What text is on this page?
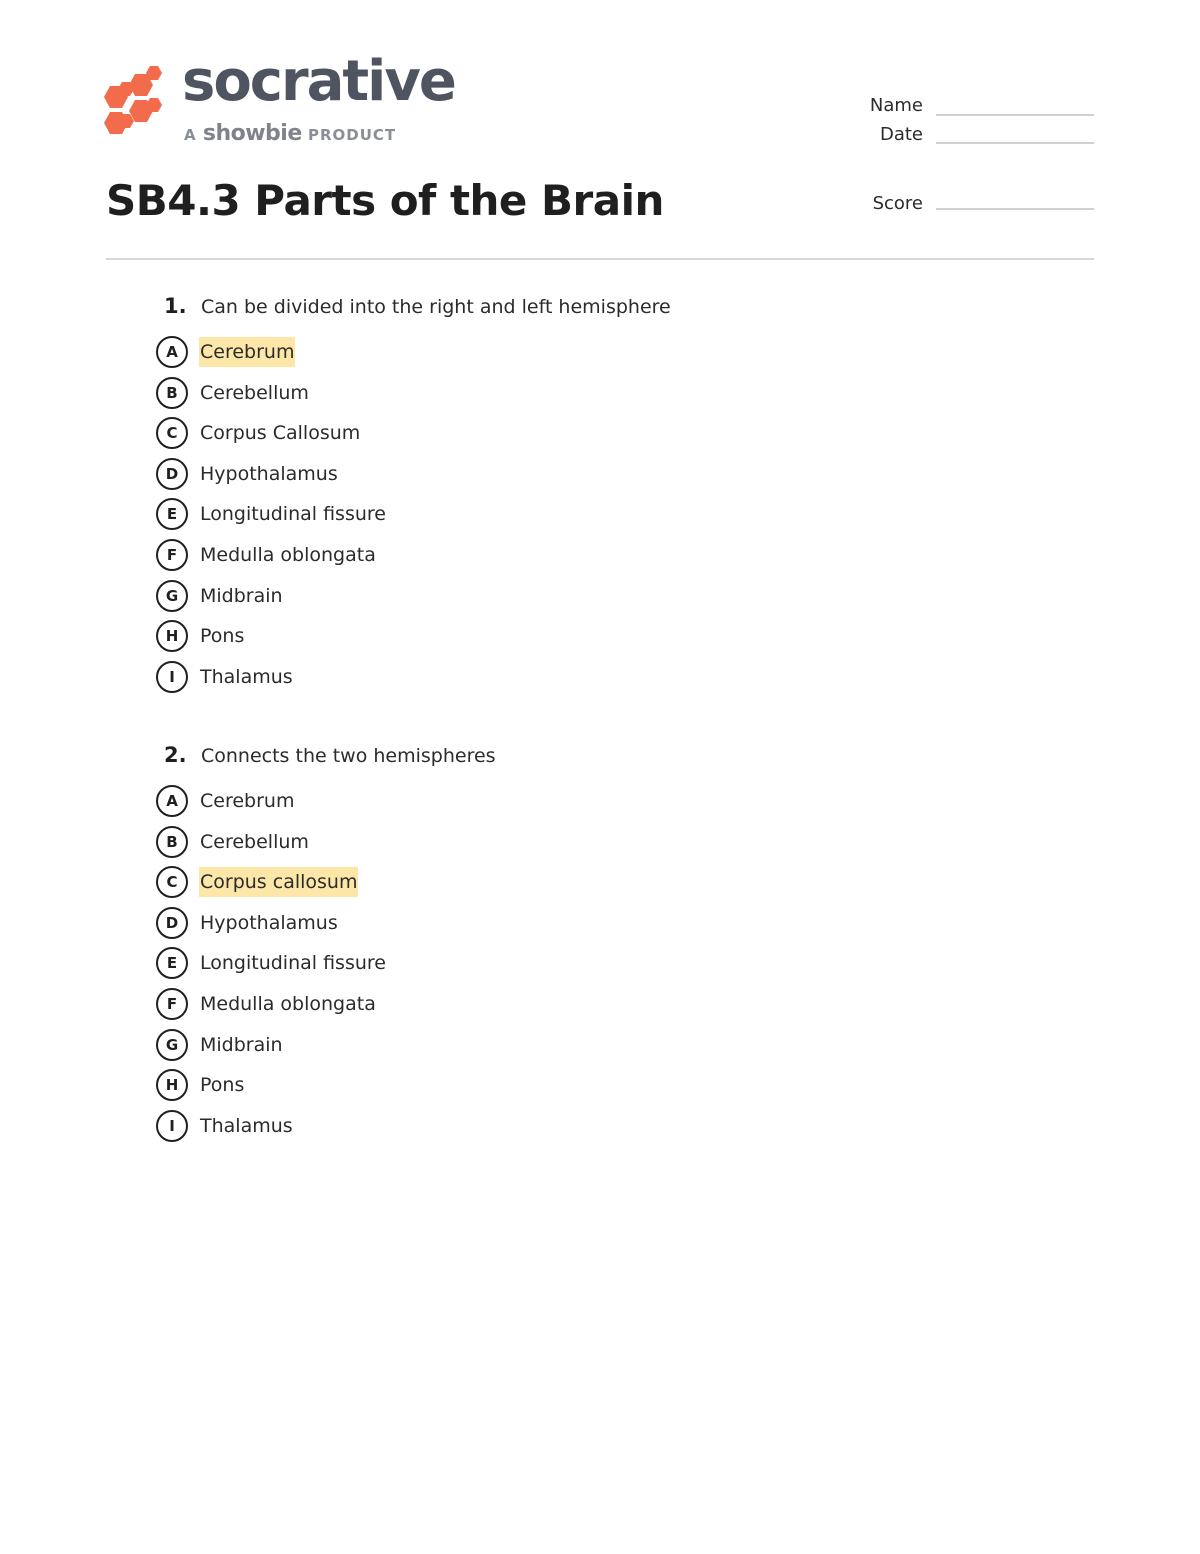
socrative
A showbie PRODUCT
Name
Date
Score
SB4.3 Parts of the Brain
1. Can be divided into the right and left hemisphere
A	Cerebrum
B	Cerebellum
C	Corpus Callosum
D	Hypothalamus
E	Longitudinal fissure
F	Medulla oblongata
G	Midbrain
H	Pons
I	Thalamus
2. Connects the two hemispheres
A	Cerebrum
B	Cerebellum
C	Corpus callosum
D	Hypothalamus
E	Longitudinal fissure
F	Medulla oblongata
G	Midbrain
H	Pons
I	Thalamus
